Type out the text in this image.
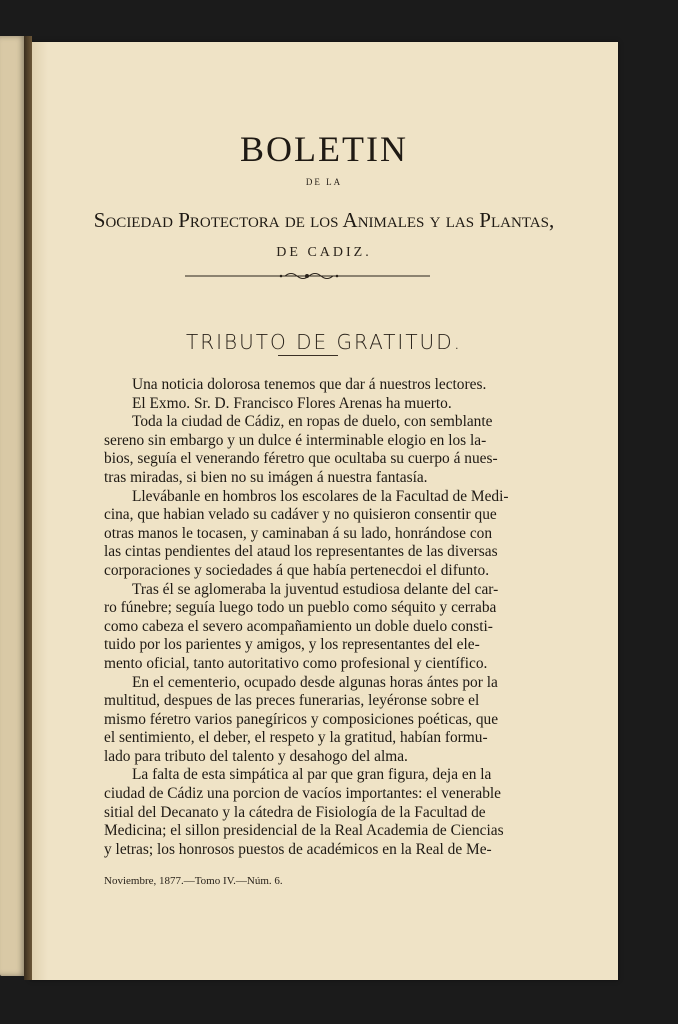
BOLETIN
DE LA
Sociedad Protectora de los Animales y las Plantas,
DE CADIZ.
TRIBUTO DE GRATITUD.

Una noticia dolorosa tenemos que dar á nuestros lectores.

El Exmo. Sr. D. Francisco Flores Arenas ha muerto.

Toda la ciudad de Cádiz, en ropas de duelo, con semblante

sereno sin embargo y un dulce é interminable elogio en los la-

bios, seguía el venerando féretro que ocultaba su cuerpo á nues-

tras miradas, si bien no su imágen á nuestra fantasía.

Llevábanle en hombros los escolares de la Facultad de Medi-

cina, que habian velado su cadáver y no quisieron consentir que

otras manos le tocasen, y caminaban á su lado, honrándose con

las cintas pendientes del ataud los representantes de las diversas

corporaciones y sociedades á que había pertenecdoi el difunto.

Tras él se aglomeraba la juventud estudiosa delante del car-

ro fúnebre; seguía luego todo un pueblo como séquito y cerraba

como cabeza el severo acompañamiento un doble duelo consti-

tuido por los parientes y amigos, y los representantes del ele-

mento oficial, tanto autoritativo como profesional y científico.

En el cementerio, ocupado desde algunas horas ántes por la

multitud, despues de las preces funerarias, leyéronse sobre el

mismo féretro varios panegíricos y composiciones poéticas, que

el sentimiento, el deber, el respeto y la gratitud, habían formu-

lado para tributo del talento y desahogo del alma.

La falta de esta simpática al par que gran figura, deja en la

ciudad de Cádiz una porcion de vacíos importantes: el venerable

sitial del Decanato y la cátedra de Fisiología de la Facultad de

Medicina; el sillon presidencial de la Real Academia de Ciencias

y letras; los honrosos puestos de académicos en la Real de Me-

Noviembre, 1877.—Tomo IV.—Núm. 6.
